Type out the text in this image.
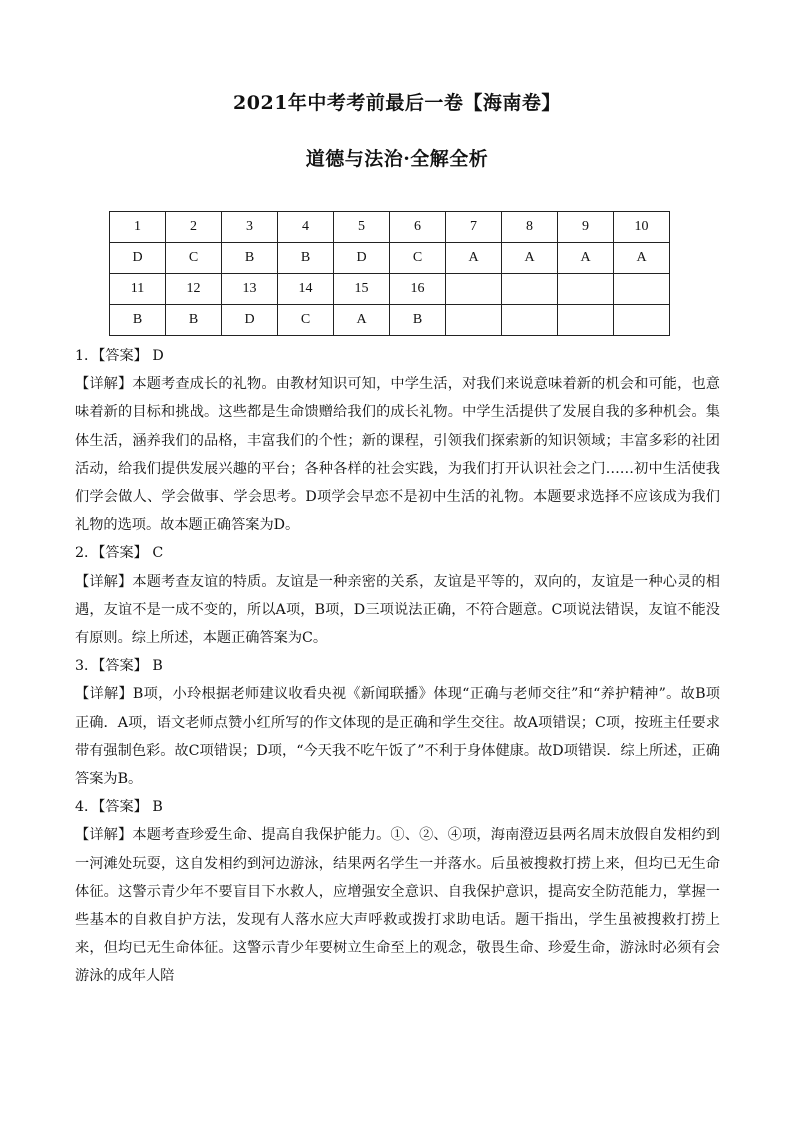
2021年中考考前最后一卷【海南卷】
道德与法治·全解全析
1	2	3	4	5	6	7	8	9	10
D	C	B	B	D	C	A	A	A	A
11	12	13	14	15	16				
B	B	D	C	A	B				

1．【答案】 D

【详解】本题考查成长的礼物。由教材知识可知，中学生活，对我们来说意味着新的机会和可能，也意味着新的目标和挑战。这些都是生命馈赠给我们的成长礼物。中学生活提供了发展自我的多种机会。集体生活，涵养我们的品格，丰富我们的个性；新的课程，引领我们探索新的知识领域；丰富多彩的社团活动，给我们提供发展兴趣的平台；各种各样的社会实践，为我们打开认识社会之门……初中生活使我们学会做人、学会做事、学会思考。D项学会早恋不是初中生活的礼物。本题要求选择不应该成为我们礼物的选项。故本题正确答案为D。

2．【答案】 C

【详解】本题考查友谊的特质。友谊是一种亲密的关系，友谊是平等的，双向的，友谊是一种心灵的相遇，友谊不是一成不变的，所以A项，B项，D三项说法正确，不符合题意。C项说法错误，友谊不能没有原则。综上所述，本题正确答案为C。

3．【答案】 B

【详解】B项，小玲根据老师建议收看央视《新闻联播》体现“正确与老师交往”和“养护精神”。故B项正确．A项，语文老师点赞小红所写的作文体现的是正确和学生交往。故A项错误；C项，按班主任要求带有强制色彩。故C项错误；D项，“今天我不吃午饭了”不利于身体健康。故D项错误．综上所述，正确答案为B。

4．【答案】 B

【详解】本题考查珍爱生命、提高自我保护能力。①、②、④项，海南澄迈县两名周末放假自发相约到一河滩处玩耍，这自发相约到河边游泳，结果两名学生一并落水。后虽被搜救打捞上来，但均已无生命体征。这警示青少年不要盲目下水救人，应增强安全意识、自我保护意识，提高安全防范能力，掌握一些基本的自救自护方法，发现有人落水应大声呼救或拨打求助电话。题干指出，学生虽被搜救打捞上来，但均已无生命体征。这警示青少年要树立生命至上的观念，敬畏生命、珍爱生命，游泳时必须有会游泳的成年人陪
